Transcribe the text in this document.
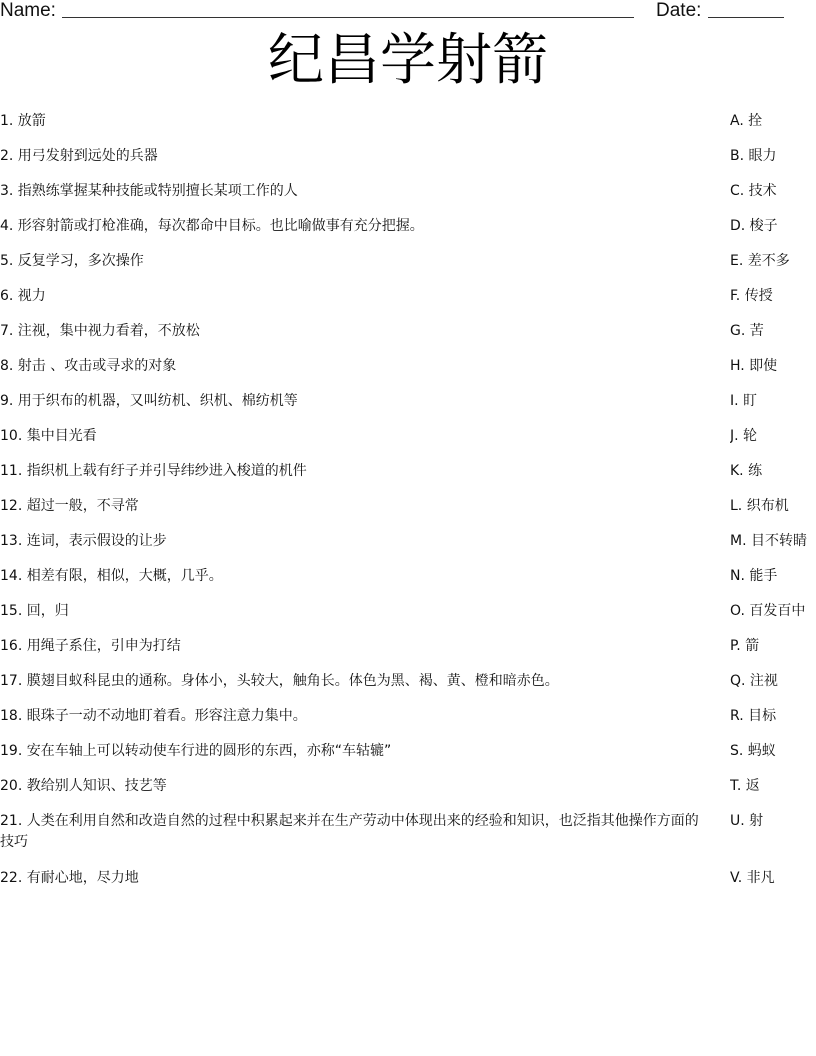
Name:	Date:
纪昌学射箭
1. 放箭
2. 用弓发射到远处的兵器
3. 指熟练掌握某种技能或特别擅长某项工作的人
4. 形容射箭或打枪准确，每次都命中目标。也比喻做事有充分把握。
5. 反复学习，多次操作
6. 视力
7. 注视，集中视力看着，不放松
8. 射击 、攻击或寻求的对象
9. 用于织布的机器，又叫纺机、织机、棉纺机等
10. 集中目光看
11. 指织机上载有纡子并引导纬纱进入梭道的机件
12. 超过一般，不寻常
13. 连词，表示假设的让步
14. 相差有限，相似，大概，几乎。
15. 回，归
16. 用绳子系住，引申为打结
17. 膜翅目蚁科昆虫的通称。身体小，头较大，触角长。体色为黑、褐、黄、橙和暗赤色。
18. 眼珠子一动不动地盯着看。形容注意力集中。
19. 安在车轴上可以转动使车行进的圆形的东西，亦称“车轱辘”
20. 教给别人知识、技艺等
21. 人类在利用自然和改造自然的过程中积累起来并在生产劳动中体现出来的经验和知识，也泛指其他操作方面的技巧
22. 有耐心地，尽力地
A. 拴
B. 眼力
C. 技术
D. 梭子
E. 差不多
F. 传授
G. 苦
H. 即使
I. 盯
J. 轮
K. 练
L. 织布机
M. 目不转睛
N. 能手
O. 百发百中
P. 箭
Q. 注视
R. 目标
S. 蚂蚁
T. 返
U. 射
V. 非凡
